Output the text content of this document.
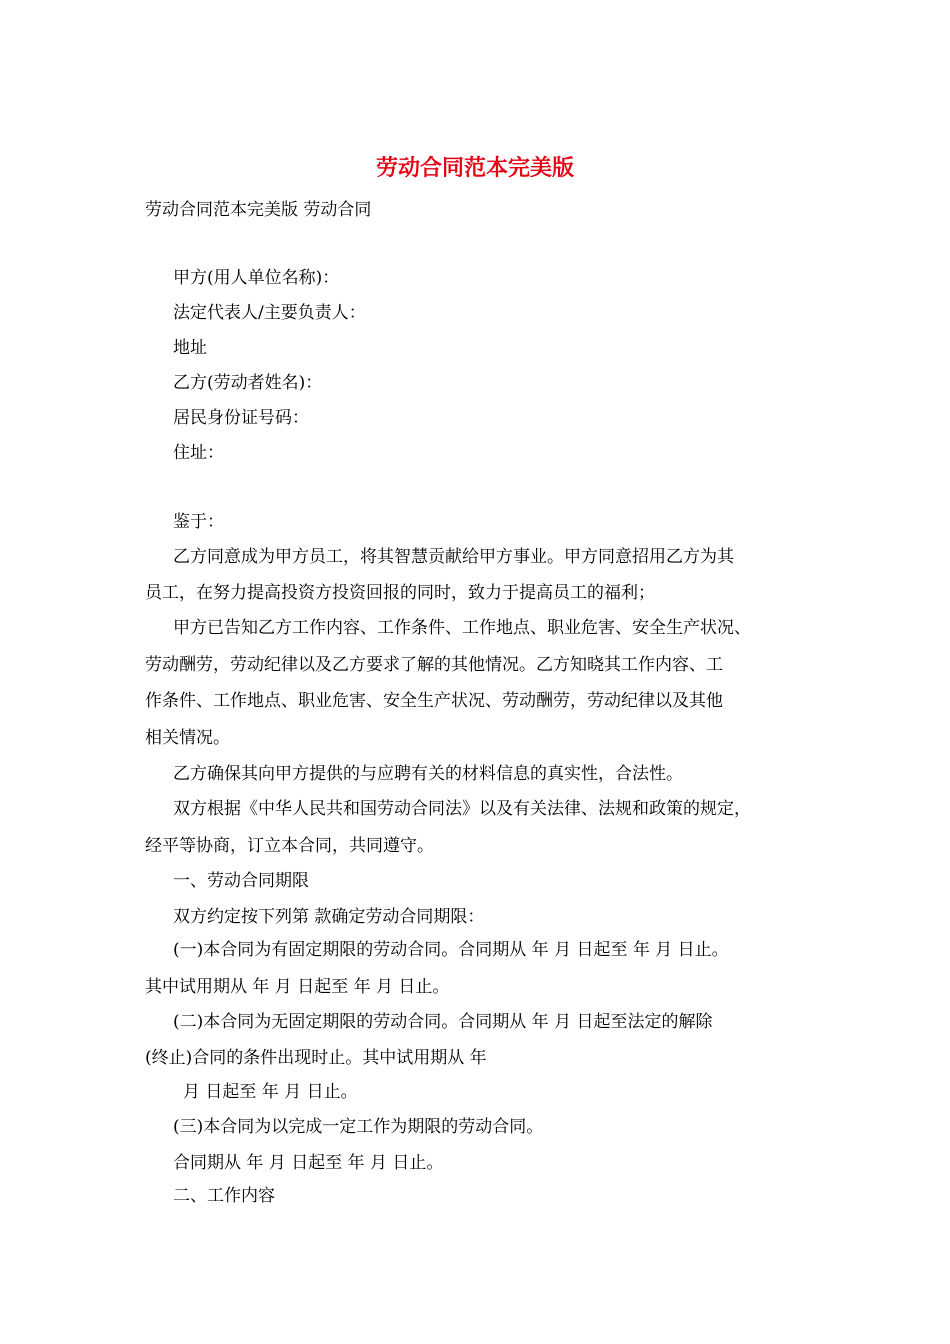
劳动合同范本完美版
劳动合同范本完美版 劳动合同
甲方(用人单位名称)：
法定代表人/主要负责人：
地址
乙方(劳动者姓名)：
居民身份证号码：
住址：
鉴于：
乙方同意成为甲方员工，将其智慧贡献给甲方事业。甲方同意招用乙方为其
员工，在努力提高投资方投资回报的同时，致力于提高员工的福利；
甲方已告知乙方工作内容、工作条件、工作地点、职业危害、安全生产状况、
劳动酬劳，劳动纪律以及乙方要求了解的其他情况。乙方知晓其工作内容、工
作条件、工作地点、职业危害、安全生产状况、劳动酬劳，劳动纪律以及其他
相关情况。
乙方确保其向甲方提供的与应聘有关的材料信息的真实性，合法性。
双方根据《中华人民共和国劳动合同法》以及有关法律、法规和政策的规定，
经平等协商，订立本合同，共同遵守。
一、劳动合同期限
双方约定按下列第 款确定劳动合同期限：
(一)本合同为有固定期限的劳动合同。合同期从 年 月 日起至 年 月 日止。
其中试用期从 年 月 日起至 年 月 日止。
(二)本合同为无固定期限的劳动合同。合同期从 年 月 日起至法定的解除
(终止)合同的条件出现时止。其中试用期从 年
月 日起至 年 月 日止。
(三)本合同为以完成一定工作为期限的劳动合同。
合同期从 年 月 日起至 年 月 日止。
二、工作内容
